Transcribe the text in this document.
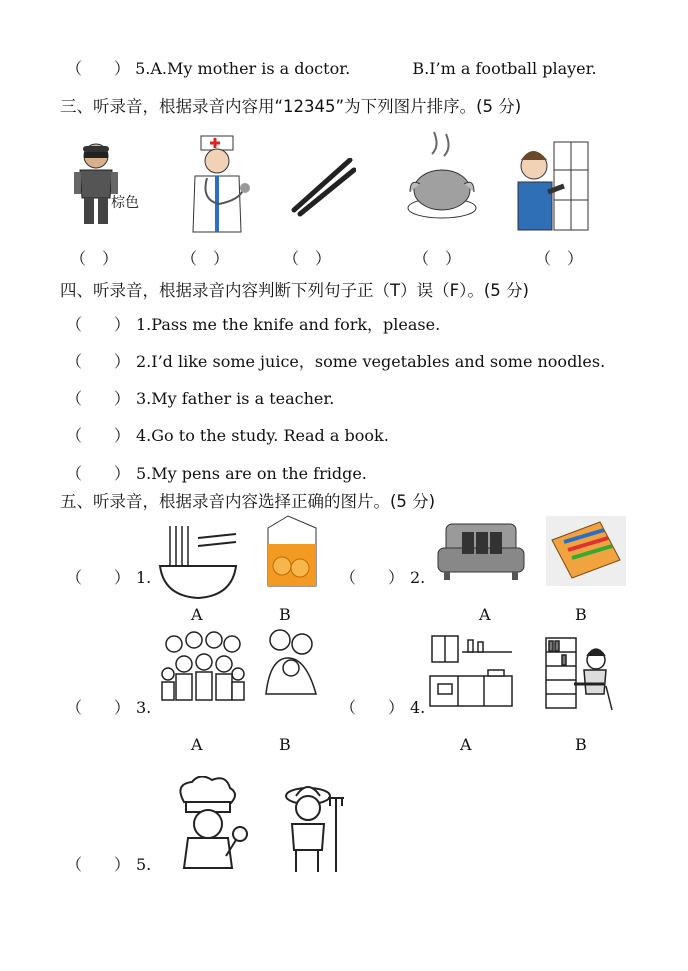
（　　） 5.A.My mother is a doctor.	B.I’m a football player.
三、听录音，根据录音内容用“12345”为下列图片排序。(5 分)
棕色
（　）	（　）	（　）	（　）	（　）
四、听录音，根据录音内容判断下列句子正（T）误（F）。(5 分)
（　　） 1.Pass me the knife and fork，please.
（　　） 2.I’d like some juice，some vegetables and some noodles.
（　　） 3.My father is a teacher.
（　　） 4.Go to the study. Read a book.
（　　） 5.My pens are on the fridge.
五、听录音，根据录音内容选择正确的图片。(5 分)
（　　） 1.
A	B
（　　） 2.
A	B
（　　） 3.
A	B
（　　） 4.
A	B
（　　） 5.
